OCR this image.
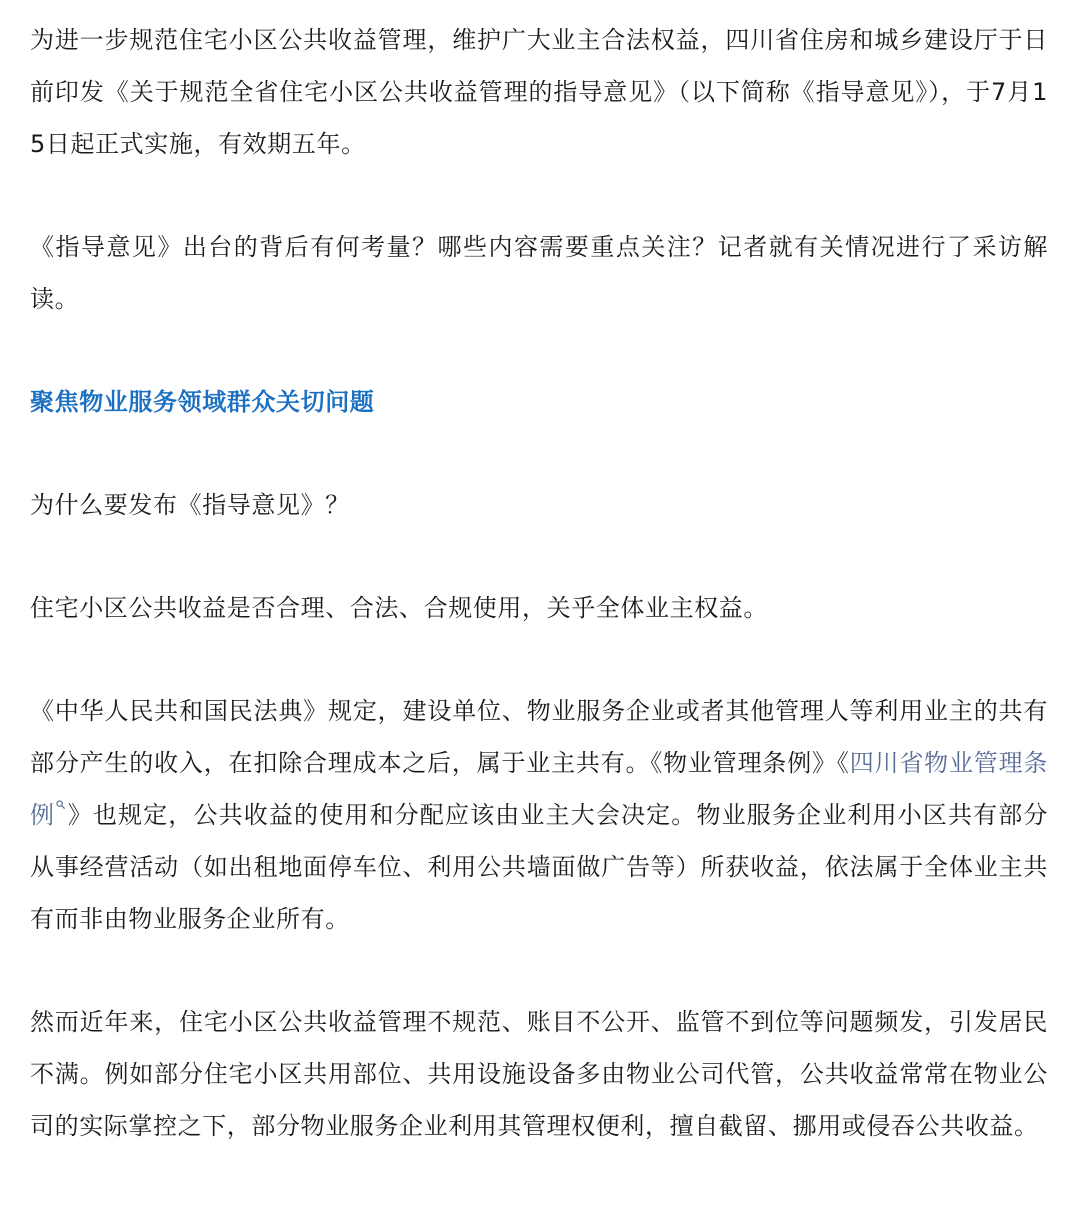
为进一步规范住宅小区公共收益管理，维护广大业主合法权益，四川省住房和城乡建设厅于日前印发《关于规范全省住宅小区公共收益管理的指导意见》（以下简称《指导意见》），于7月15日起正式实施，有效期五年。

《指导意见》出台的背后有何考量？哪些内容需要重点关注？记者就有关情况进行了采访解读。

聚焦物业服务领域群众关切问题

为什么要发布《指导意见》？

住宅小区公共收益是否合理、合法、合规使用，关乎全体业主权益。

《中华人民共和国民法典》规定，建设单位、物业服务企业或者其他管理人等利用业主的共有部分产生的收入，在扣除合理成本之后，属于业主共有。《物业管理条例》《四川省物业管理条例 》也规定，公共收益的使用和分配应该由业主大会决定。物业服务企业利用小区共有部分从事经营活动（如出租地面停车位、利用公共墙面做广告等）所获收益，依法属于全体业主共有而非由物业服务企业所有。

然而近年来，住宅小区公共收益管理不规范、账目不公开、监管不到位等问题频发，引发居民不满。例如部分住宅小区共用部位、共用设施设备多由物业公司代管，公共收益常常在物业公司的实际掌控之下，部分物业服务企业利用其管理权便利，擅自截留、挪用或侵吞公共收益。
